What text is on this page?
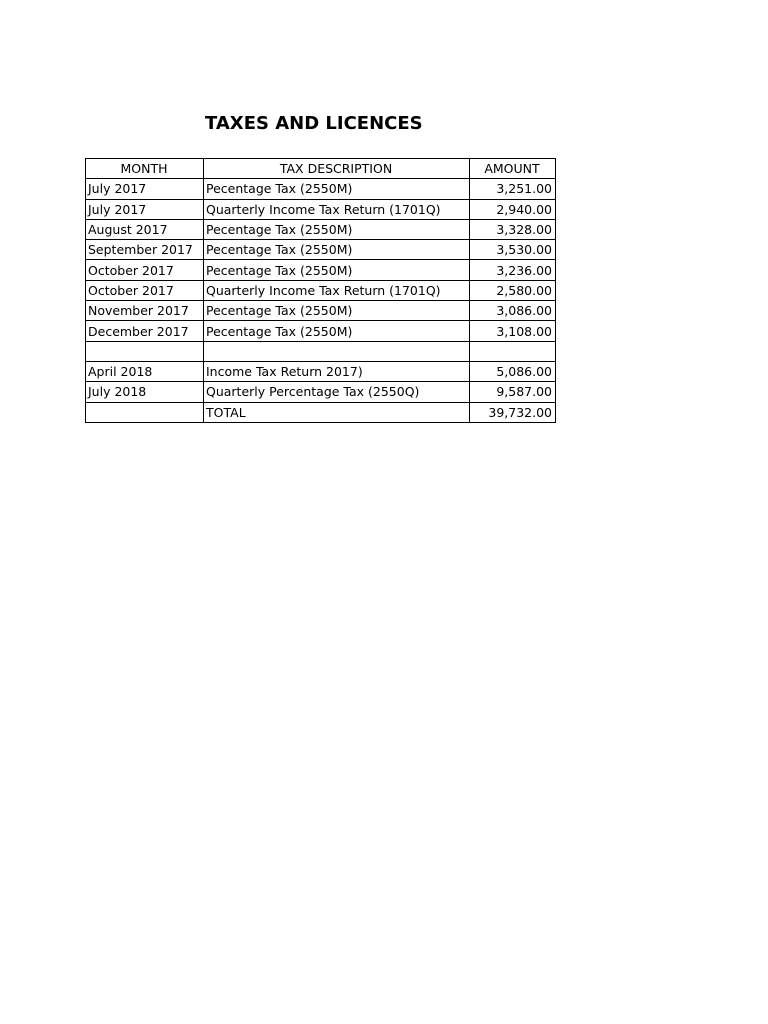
TAXES AND LICENCES
MONTH	TAX DESCRIPTION	AMOUNT
July 2017	Pecentage Tax (2550M)	3,251.00
July 2017	Quarterly Income Tax Return (1701Q)	2,940.00
August 2017	Pecentage Tax (2550M)	3,328.00
September 2017	Pecentage Tax (2550M)	3,530.00
October 2017	Pecentage Tax (2550M)	3,236.00
October 2017	Quarterly Income Tax Return (1701Q)	2,580.00
November 2017	Pecentage Tax (2550M)	3,086.00
December 2017	Pecentage Tax (2550M)	3,108.00

April 2018	Income Tax Return 2017)	5,086.00
July 2018	Quarterly Percentage Tax (2550Q)	9,587.00
	TOTAL	39,732.00
